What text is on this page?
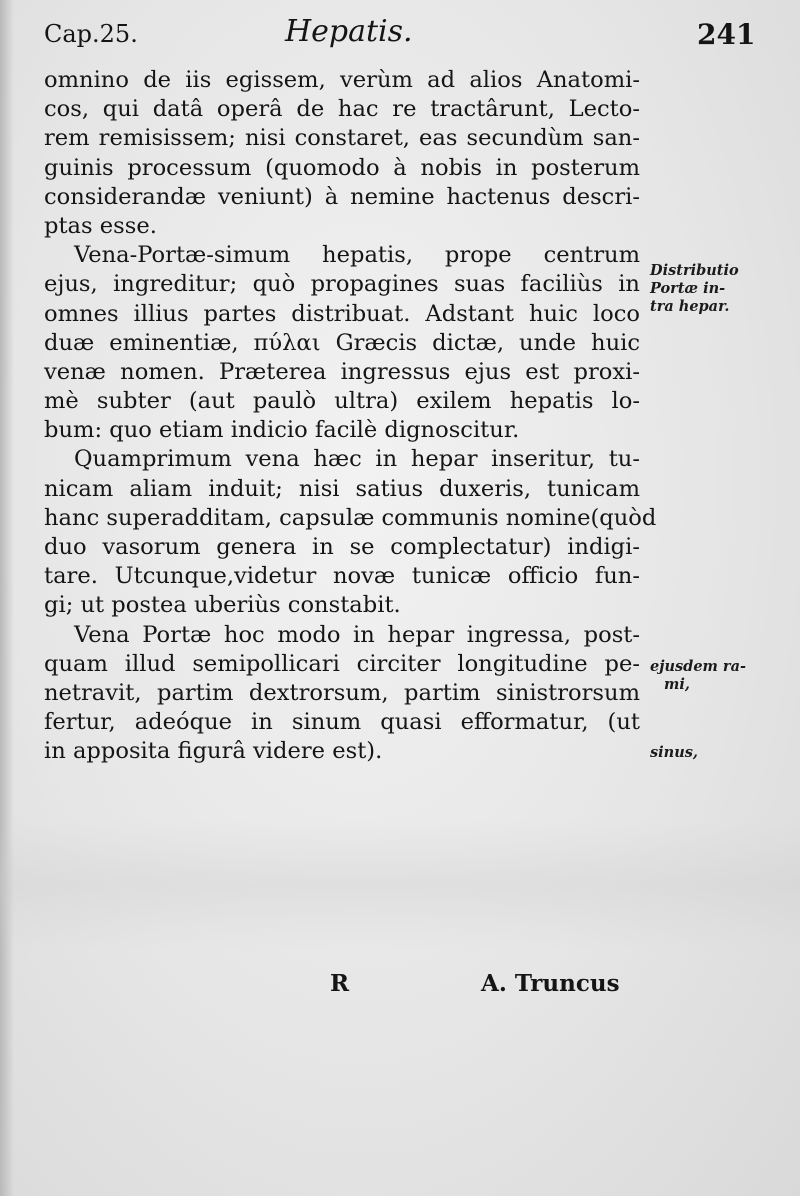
Cap.25.	Hepatis.	241
omnino de iis egissem, verùm ad alios Anatomi-
cos, qui datâ operâ de hac re tractârunt, Lecto-
rem remisissem; nisi constaret, eas secundùm san-
guinis processum (quomodo à nobis in posterum
considerandæ veniunt) à nemine hactenus descri-
ptas esse.
Vena-Portæ-simum hepatis, prope centrum
ejus, ingreditur; quò propagines suas faciliùs in
omnes illius partes distribuat. Adstant huic loco
duæ eminentiæ, πύλαι Græcis dictæ, unde huic
venæ nomen. Præterea ingressus ejus est proxi-
mè subter (aut paulò ultra) exilem hepatis lo-
bum: quo etiam indicio facilè dignoscitur.
Quamprimum vena hæc in hepar inseritur, tu-
nicam aliam induit; nisi satius duxeris, tunicam
hanc superadditam, capsulæ communis nomine(quòd
duo vasorum genera in se complectatur) indigi-
tare. Utcunque,videtur novæ tunicæ officio fun-
gi; ut postea uberiùs constabit.
Vena Portæ hoc modo in hepar ingressa, post-
quam illud semipollicari circiter longitudine pe-
netravit, partim dextrorsum, partim sinistrorsum
fertur, adeóque in sinum quasi efformatur, (ut
in apposita figurâ videre est).
Distributio
Portæ in-
tra hepar.
ejusdem ra-
mi,
sinus,
R	A. Truncus
